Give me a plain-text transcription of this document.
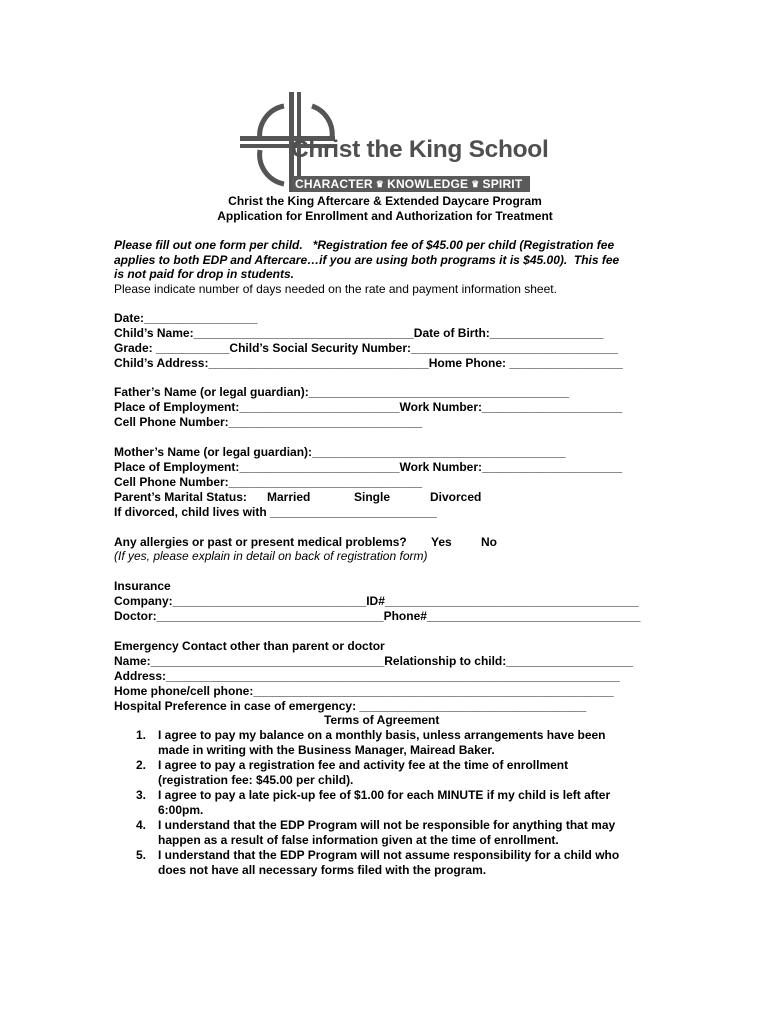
Christ the King School
CHARACTER ♛ KNOWLEDGE ♛ SPIRIT
Christ the King Aftercare & Extended Daycare Program
Application for Enrollment and Authorization for Treatment
Please fill out one form per child.   *Registration fee of $45.00 per child (Registration fee
applies to both EDP and Aftercare…if you are using both programs it is $45.00).  This fee
is not paid for drop in students.
Please indicate number of days needed on the rate and payment information sheet.
Date:_________________
Child’s Name:_________________________________Date of Birth:_________________
Grade: ___________Child’s Social Security Number:_______________________________
Child’s Address:_________________________________Home Phone: _________________
Father’s Name (or legal guardian):_______________________________________
Place of Employment:________________________Work Number:_____________________
Cell Phone Number:_____________________________
Mother’s Name (or legal guardian):______________________________________
Place of Employment:________________________Work Number:_____________________
Cell Phone Number:_____________________________
Parent’s Marital Status: Married	Single	Divorced
If divorced, child lives with _________________________
Any allergies or past or present medical problems? Yes No
(If yes, please explain in detail on back of registration form)
Insurance
Company:_____________________________ID#______________________________________
Doctor:__________________________________Phone#________________________________
Emergency Contact other than parent or doctor
Name:___________________________________Relationship to child:___________________
Address:____________________________________________________________________
Home phone/cell phone:______________________________________________________
Hospital Preference in case of emergency: __________________________________
Terms of Agreement
1. I agree to pay my balance on a monthly basis, unless arrangements have been
made in writing with the Business Manager, Mairead Baker.
2. I agree to pay a registration fee and activity fee at the time of enrollment
(registration fee: $45.00 per child).
3. I agree to pay a late pick-up fee of $1.00 for each MINUTE if my child is left after
6:00pm.
4. I understand that the EDP Program will not be responsible for anything that may
happen as a result of false information given at the time of enrollment.
5. I understand that the EDP Program will not assume responsibility for a child who
does not have all necessary forms filed with the program.
